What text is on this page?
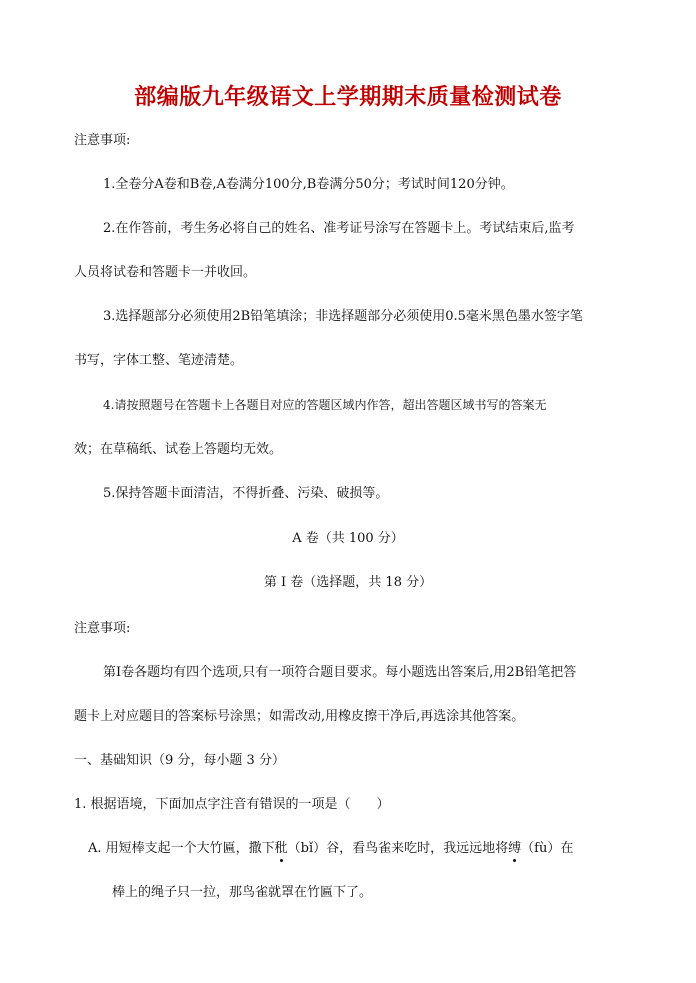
部编版九年级语文上学期期末质量检测试卷
注意事项:
1.全卷分A卷和B卷,A卷满分100分,B卷满分50分；考试时间120分钟。
2.在作答前，考生务必将自己的姓名、准考证号涂写在答题卡上。考试结束后,监考
人员将试卷和答题卡一并收回。
3.选择题部分必须使用2B铅笔填涂；非选择题部分必须使用0.5毫米黑色墨水签字笔
书写，字体工整、笔迹清楚。
4.请按照题号在答题卡上各题目对应的答题区域内作答，超出答题区域书写的答案无
效；在草稿纸、试卷上答题均无效。
5.保持答题卡面清洁，不得折叠、污染、破损等。
A 卷（共 100 分）
第 I 卷（选择题，共 18 分）
注意事项:
第Ⅰ卷各题均有四个选项,只有一项符合题目要求。每小题选出答案后,用2B铅笔把答
题卡上对应题目的答案标号涂黑；如需改动,用橡皮擦干净后,再选涂其他答案。
一、基础知识（9 分，每小题 3 分）
1. 根据语境，下面加点字注音有错误的一项是（　　）
A. 用短棒支起一个大竹匾，撒下秕（bǐ）谷，看鸟雀来吃时，我远远地将缚（fù）在
棒上的绳子只一拉，那鸟雀就罩在竹匾下了。
